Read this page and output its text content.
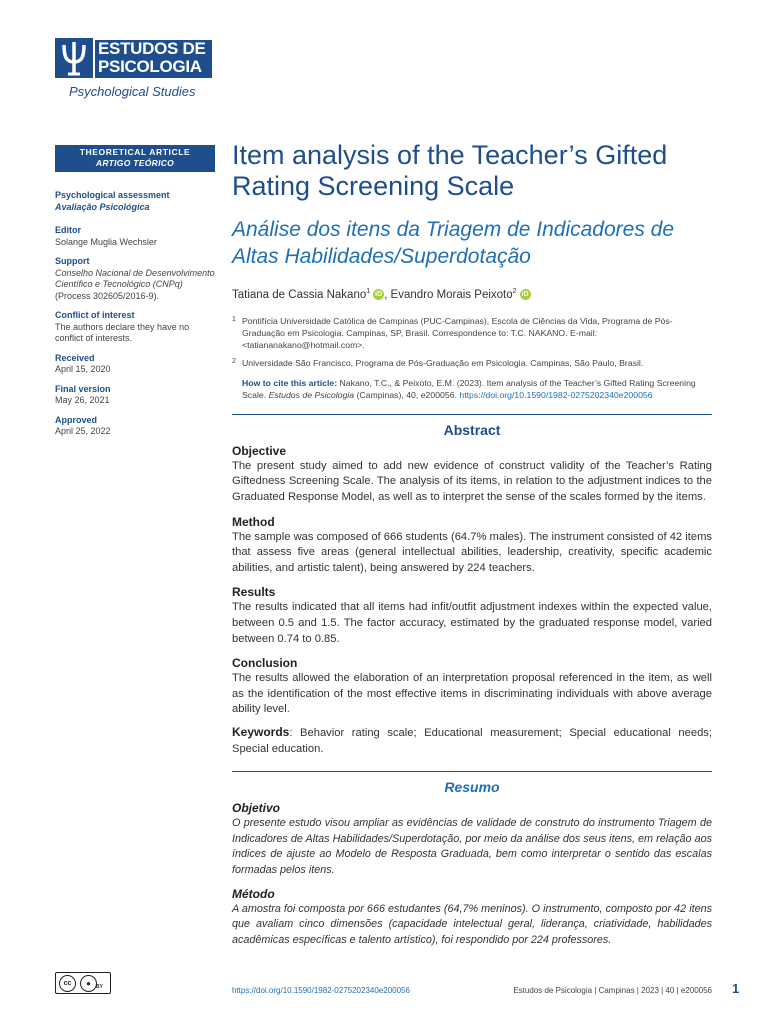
ESTUDOS DE
PSICOLOGIA
Psychological Studies
THEORETICAL ARTICLE
ARTIGO TEÓRICO
Psychological assessment
Avaliação Psicológica
Editor
Solange Muglia Wechsler
Support
Conselho Nacional de Desenvolvimento Científico e Tecnológico (CNPq)
(Process 302605/2016-9).
Conflict of interest
The authors declare they have no conflict of interests.
Received
April 15, 2020
Final version
May 26, 2021
Approved
April 25, 2022
Item analysis of the Teacher’s Gifted Rating Screening Scale
Análise dos itens da Triagem de Indicadores de Altas Habilidades/Superdotação
Tatiana de Cassia Nakano$^1$ iD , Evandro Morais Peixoto$^2$ iD
1 Pontifícia Universidade Católica de Campinas (PUC-Campinas), Escola de Ciências da Vida, Programa de Pós-Graduação em Psicologia. Campinas, SP, Brasil. Correspondence to: T.C. NAKANO. E-mail: <tatiananakano@hotmail.com>.
2 Universidade São Francisco, Programa de Pós-Graduação em Psicologia. Campinas, São Paulo, Brasil.
How to cite this article: Nakano, T.C., & Peixoto, E.M. (2023). Item analysis of the Teacher’s Gifted Rating Screening Scale. Estudos de Psicologia (Campinas), 40, e200056. https://doi.org/10.1590/1982-0275202340e200056
Abstract
Objective
The present study aimed to add new evidence of construct validity of the Teacher’s Rating Giftedness Screening Scale. The analysis of its items, in relation to the adjustment indices to the Graduated Response Model, as well as to interpret the sense of the scales formed by the items.
Method
The sample was composed of 666 students (64.7% males). The instrument consisted of 42 items that assess five areas (general intellectual abilities, leadership, creativity, specific academic abilities, and artistic talent), being answered by 224 teachers.
Results
The results indicated that all items had infit/outfit adjustment indexes within the expected value, between 0.5 and 1.5. The factor accuracy, estimated by the graduated response model, varied between 0.74 to 0.85.
Conclusion
The results allowed the elaboration of an interpretation proposal referenced in the item, as well as the identification of the most effective items in discriminating individuals with above average ability level.
Keywords: Behavior rating scale; Educational measurement; Special educational needs; Special education.
Resumo
Objetivo
O presente estudo visou ampliar as evidências de validade de construto do instrumento Triagem de Indicadores de Altas Habilidades/Superdotação, por meio da análise dos seus itens, em relação aos índices de ajuste ao Modelo de Resposta Graduada, bem como interpretar o sentido das escalas formadas pelos itens.
Método
A amostra foi composta por 666 estudantes (64,7% meninos). O instrumento, composto por 42 itens que avaliam cinco dimensões (capacidade intelectual geral, liderança, criatividade, habilidades acadêmicas específicas e talento artístico), foi respondido por 224 professores.
cc	●	BY	https://doi.org/10.1590/1982-0275202340e200056	Estudos de Psicologia | Campinas | 2023 | 40 | e200056 1
